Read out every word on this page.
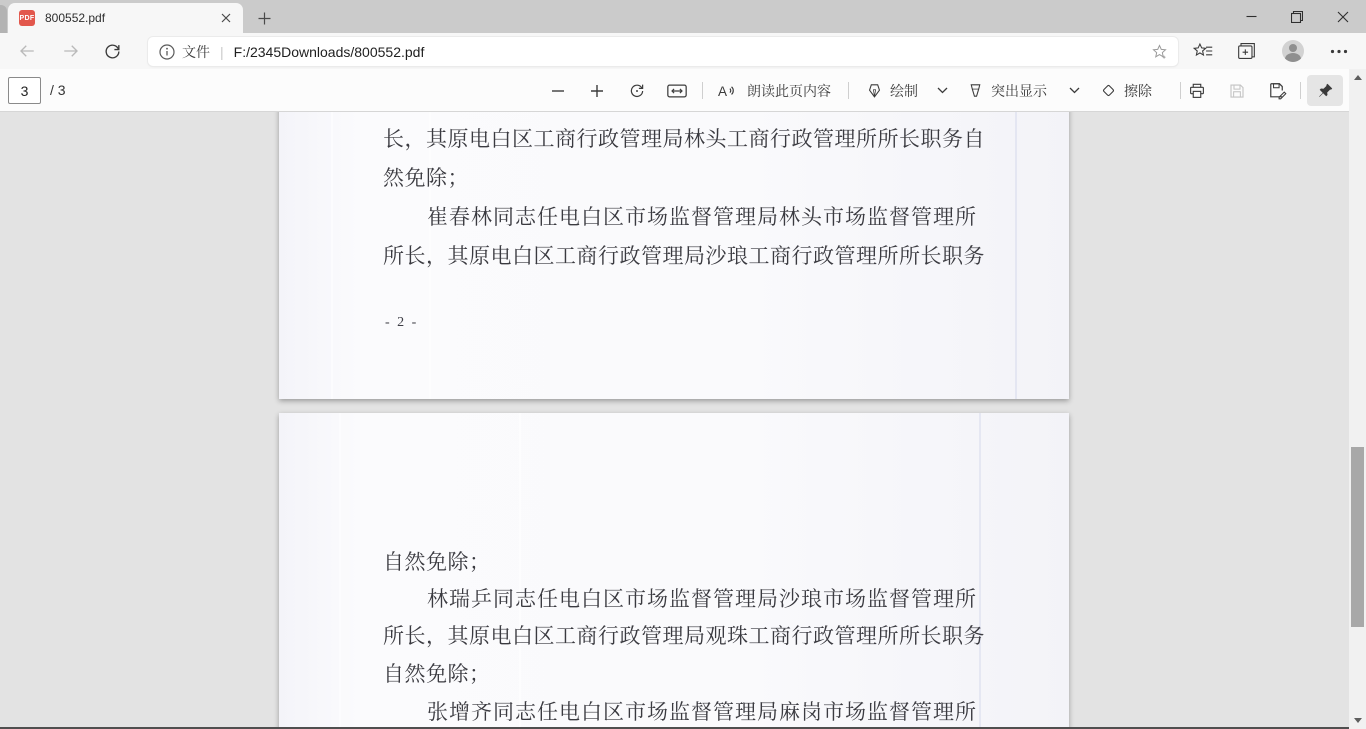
PDF 800552.pdf
文件 | F:/2345Downloads/800552.pdf
3
/ 3	A 朗读此页内容	绘制	突出显示	擦除
长，其原电白区工商行政管理局林头工商行政管理所所长职务自
然免除；
崔春林同志任电白区市场监督管理局林头市场监督管理所
所长，其原电白区工商行政管理局沙琅工商行政管理所所长职务
- 2 -
自然免除；
林瑞乒同志任电白区市场监督管理局沙琅市场监督管理所
所长，其原电白区工商行政管理局观珠工商行政管理所所长职务
自然免除；
张增齐同志任电白区市场监督管理局麻岗市场监督管理所
